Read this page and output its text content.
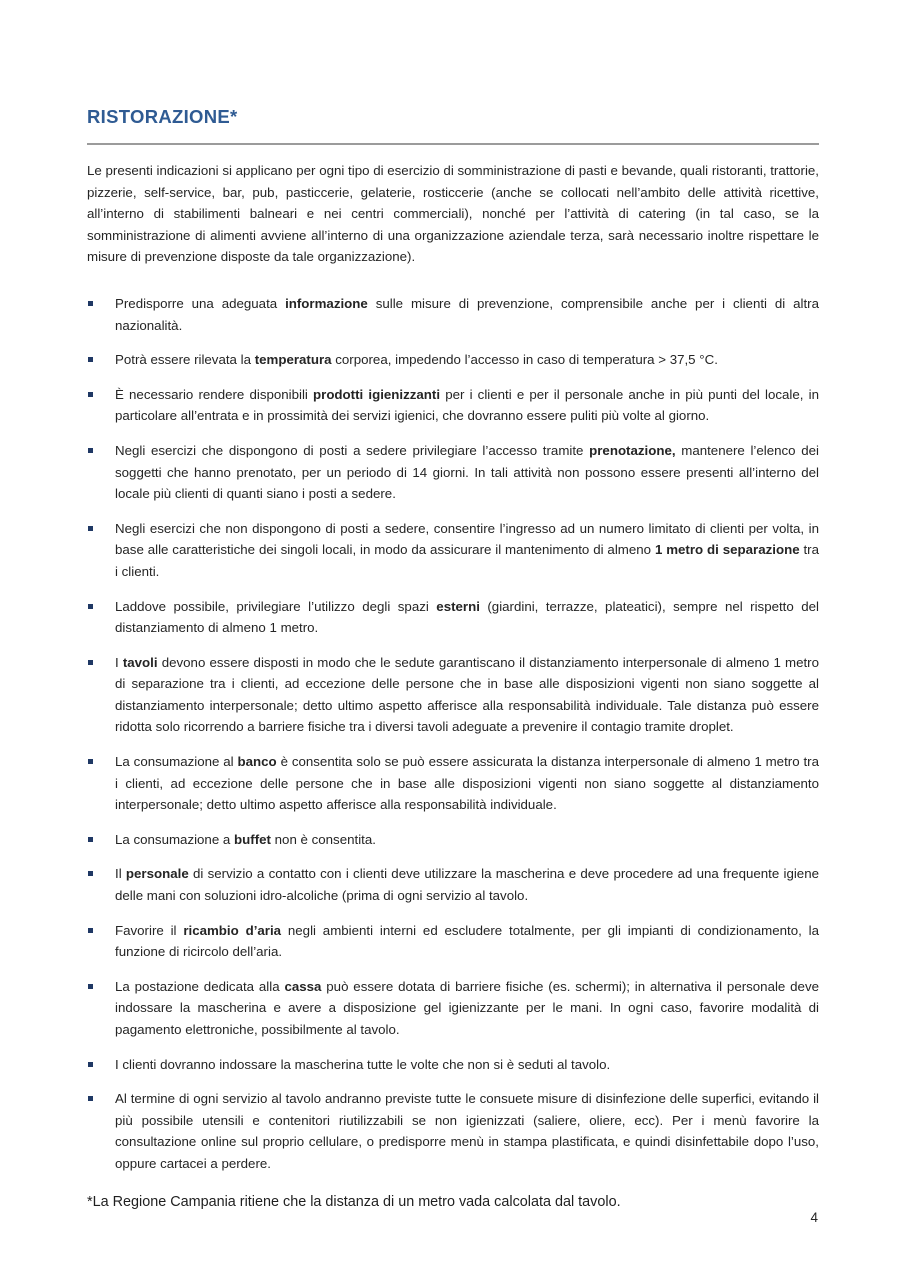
RISTORAZIONE*

Le presenti indicazioni si applicano per ogni tipo di esercizio di somministrazione di pasti e bevande, quali ristoranti, trattorie, pizzerie, self-service, bar, pub, pasticcerie, gelaterie, rosticcerie (anche se collocati nell’ambito delle attività ricettive, all’interno di stabilimenti balneari e nei centri commerciali), nonché per l’attività di catering (in tal caso, se la somministrazione di alimenti avviene all’interno di una organizzazione aziendale terza, sarà necessario inoltre rispettare le misure di prevenzione disposte da tale organizzazione).

Predisporre una adeguata informazione sulle misure di prevenzione, comprensibile anche per i clienti di altra nazionalità.
Potrà essere rilevata la temperatura corporea, impedendo l’accesso in caso di temperatura > 37,5 °C.
È necessario rendere disponibili prodotti igienizzanti per i clienti e per il personale anche in più punti del locale, in particolare all’entrata e in prossimità dei servizi igienici, che dovranno essere puliti più volte al giorno.
Negli esercizi che dispongono di posti a sedere privilegiare l’accesso tramite prenotazione, mantenere l’elenco dei soggetti che hanno prenotato, per un periodo di 14 giorni. In tali attività non possono essere presenti all’interno del locale più clienti di quanti siano i posti a sedere.
Negli esercizi che non dispongono di posti a sedere, consentire l’ingresso ad un numero limitato di clienti per volta, in base alle caratteristiche dei singoli locali, in modo da assicurare il mantenimento di almeno 1 metro di separazione tra i clienti.
Laddove possibile, privilegiare l’utilizzo degli spazi esterni (giardini, terrazze, plateatici), sempre nel rispetto del distanziamento di almeno 1 metro.
I tavoli devono essere disposti in modo che le sedute garantiscano il distanziamento interpersonale di almeno 1 metro di separazione tra i clienti, ad eccezione delle persone che in base alle disposizioni vigenti non siano soggette al distanziamento interpersonale; detto ultimo aspetto afferisce alla responsabilità individuale. Tale distanza può essere ridotta solo ricorrendo a barriere fisiche tra i diversi tavoli adeguate a prevenire il contagio tramite droplet.
La consumazione al banco è consentita solo se può essere assicurata la distanza interpersonale di almeno 1 metro tra i clienti, ad eccezione delle persone che in base alle disposizioni vigenti non siano soggette al distanziamento interpersonale; detto ultimo aspetto afferisce alla responsabilità individuale.
La consumazione a buffet non è consentita.
Il personale di servizio a contatto con i clienti deve utilizzare la mascherina e deve procedere ad una frequente igiene delle mani con soluzioni idro-alcoliche (prima di ogni servizio al tavolo.
Favorire il ricambio d’aria negli ambienti interni ed escludere totalmente, per gli impianti di condizionamento, la funzione di ricircolo dell’aria.
La postazione dedicata alla cassa può essere dotata di barriere fisiche (es. schermi); in alternativa il personale deve indossare la mascherina e avere a disposizione gel igienizzante per le mani. In ogni caso, favorire modalità di pagamento elettroniche, possibilmente al tavolo.
I clienti dovranno indossare la mascherina tutte le volte che non si è seduti al tavolo.
Al termine di ogni servizio al tavolo andranno previste tutte le consuete misure di disinfezione delle superfici, evitando il più possibile utensili e contenitori riutilizzabili se non igienizzati (saliere, oliere, ecc). Per i menù favorire la consultazione online sul proprio cellulare, o predisporre menù in stampa plastificata, e quindi disinfettabile dopo l’uso, oppure cartacei a perdere.

*La Regione Campania ritiene che la distanza di un metro vada calcolata dal tavolo.

4
